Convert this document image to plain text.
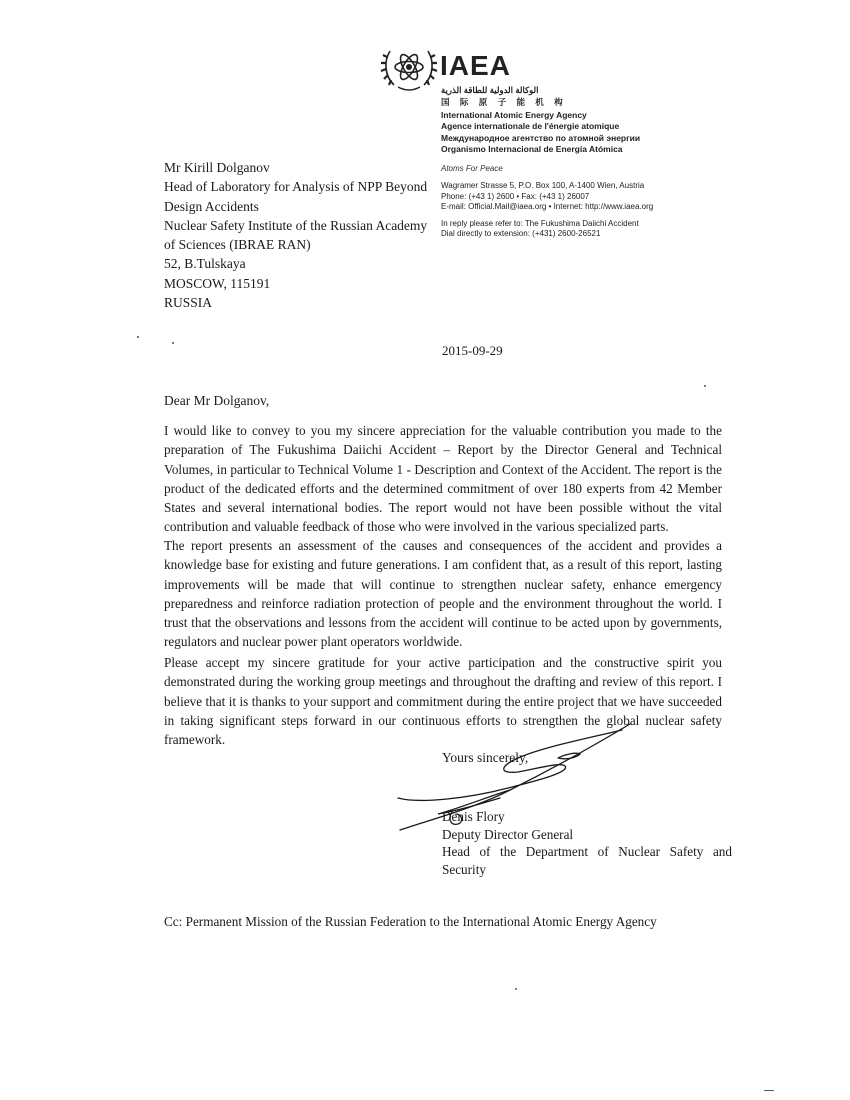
IAEA
الوكالة الدولية للطاقة الذرية
国 际 原 子 能 机 构
International Atomic Energy Agency
Agence internationale de l'énergie atomique
Международное агентство по атомной энергии
Organismo Internacional de Energía Atómica
Atoms For Peace
Wagramer Strasse 5, P.O. Box 100, A-1400 Wien, Austria
Phone: (+43 1) 2600 • Fax: (+43 1) 26007
E-mail: Official.Mail@iaea.org • Internet: http://www.iaea.org
In reply please refer to: The Fukushima Daiichi Accident
Dial directly to extension: (+431) 2600-26521
Mr Kirill Dolganov
Head of Laboratory for Analysis of NPP Beyond
Design Accidents
Nuclear Safety Institute of the Russian Academy
of Sciences (IBRAE RAN)
52, B.Tulskaya
MOSCOW, 115191
RUSSIA
2015-09-29
Dear Mr Dolganov,
I would like to convey to you my sincere appreciation for the valuable contribution you made to the preparation of The Fukushima Daiichi Accident – Report by the Director General and Technical Volumes, in particular to Technical Volume 1 - Description and Context of the Accident. The report is the product of the dedicated efforts and the determined commitment of over 180 experts from 42 Member States and several international bodies. The report would not have been possible without the vital contribution and valuable feedback of those who were involved in the various specialized parts.
The report presents an assessment of the causes and consequences of the accident and provides a knowledge base for existing and future generations. I am confident that, as a result of this report, lasting improvements will be made that will continue to strengthen nuclear safety, enhance emergency preparedness and reinforce radiation protection of people and the environment throughout the world. I trust that the observations and lessons from the accident will continue to be acted upon by governments, regulators and nuclear power plant operators worldwide.
Please accept my sincere gratitude for your active participation and the constructive spirit you demonstrated during the working group meetings and throughout the drafting and review of this report. I believe that it is thanks to your support and commitment during the entire project that we have succeeded in taking significant steps forward in our continuous efforts to strengthen the global nuclear safety framework.
Yours sincerely,
Denis Flory
Deputy Director General
Head of the Department of Nuclear Safety and
Security
Cc: Permanent Mission of the Russian Federation to the International Atomic Energy Agency
